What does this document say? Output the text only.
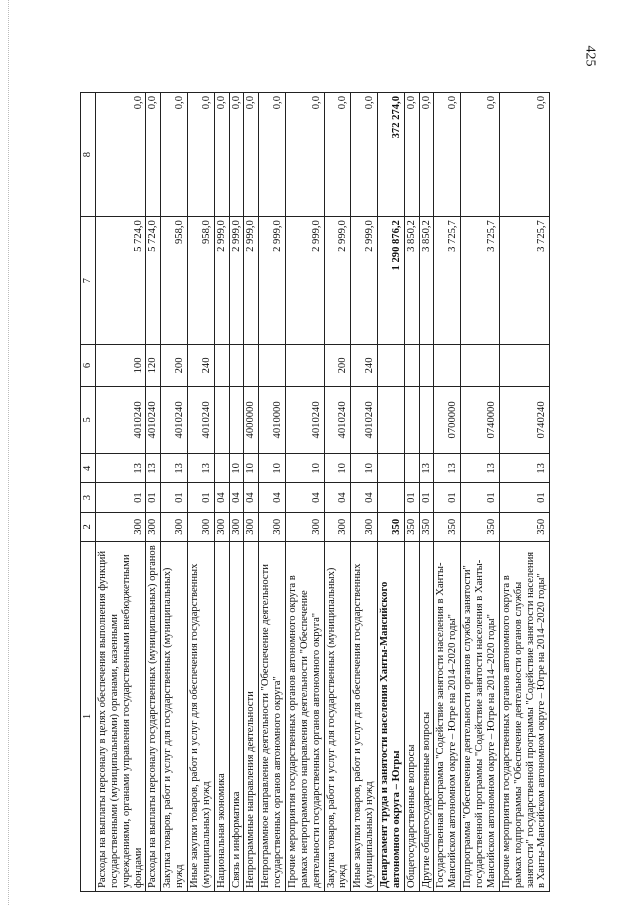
425
1	2	3	4	5	6	7	8
Расходы на выплаты персоналу в целях обеспечения выполнения функций государственными (муниципальными) органами, казенными учреждениями, органами управления государственными внебюджетными фондами	300	01	13	4010240	100	5 724,0	0,0
Расходы на выплаты персоналу государственных (муниципальных) органов	300	01	13	4010240	120	5 724,0	0,0
Закупка товаров, работ и услуг для государственных (муниципальных) нужд	300	01	13	4010240	200	958,0	0,0
Иные закупки товаров, работ и услуг для обеспечения государственных (муниципальных) нужд	300	01	13	4010240	240	958,0	0,0
Национальная экономика	300	04				2 999,0	0,0
Связь и информатика	300	04	10			2 999,0	0,0
Непрограммные направления деятельности	300	04	10	4000000		2 999,0	0,0
Непрограммное направление деятельности "Обеспечение деятельности государственных органов автономного округа"	300	04	10	4010000		2 999,0	0,0
Прочие мероприятия государственных органов автономного округа в рамках непрограммного направления деятельности "Обеспечение деятельности государственных органов автономного округа"	300	04	10	4010240		2 999,0	0,0
Закупка товаров, работ и услуг для государственных (муниципальных) нужд	300	04	10	4010240	200	2 999,0	0,0
Иные закупки товаров, работ и услуг для обеспечения государственных (муниципальных) нужд	300	04	10	4010240	240	2 999,0	0,0
Департамент труда и занятости населения Ханты-Мансийского автономного округа – Югры	350					1 290 876,2	372 274,0
Общегосударственные вопросы	350	01				3 850,2	0,0
Другие общегосударственные вопросы	350	01	13			3 850,2	0,0
Государственная программа "Содействие занятости населения в Ханты-Мансийском автономном округе – Югре на 2014–2020 годы"	350	01	13	0700000		3 725,7	0,0
Подпрограмма "Обеспечение деятельности органов службы занятости" государственной программы "Содействие занятости населения в Ханты-Мансийском автономном округе – Югре на 2014–2020 годы"	350	01	13	0740000		3 725,7	0,0
Прочие мероприятия государственных органов автономного округа в рамках подпрограммы "Обеспечение деятельности органов службы занятости" государственной программы "Содействие занятости населения в Ханты-Мансийском автономном округе – Югре на 2014–2020 годы"	350	01	13	0740240		3 725,7	0,0
